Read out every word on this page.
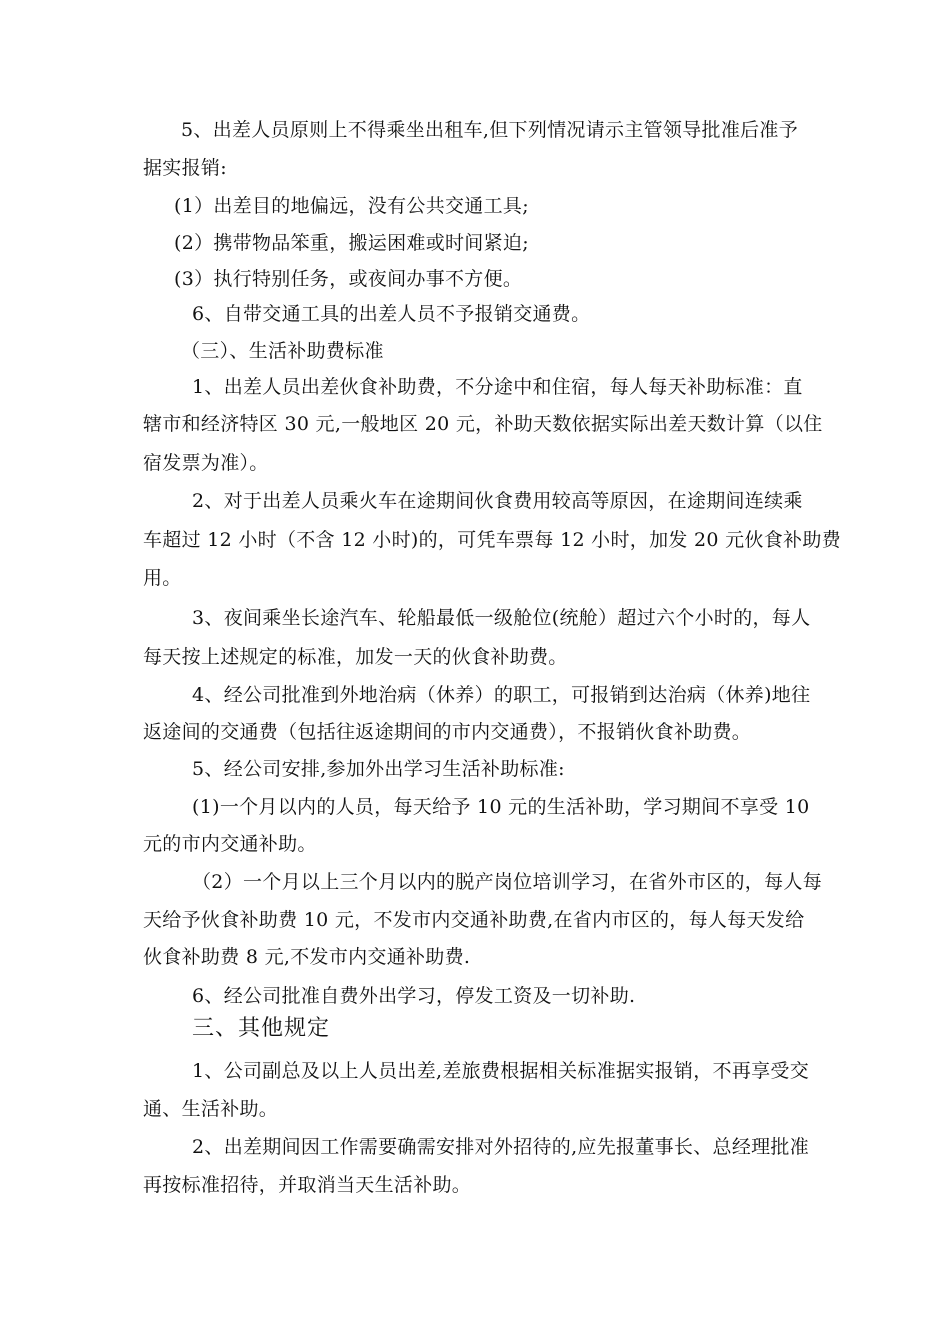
5、出差人员原则上不得乘坐出租车,但下列情况请示主管领导批准后准予
据实报销:
(1）出差目的地偏远，没有公共交通工具;
(2）携带物品笨重，搬运困难或时间紧迫;
(3）执行特别任务，或夜间办事不方便。
6、自带交通工具的出差人员不予报销交通费。
（三）、生活补助费标准
1、出差人员出差伙食补助费，不分途中和住宿，每人每天补助标准：直
辖市和经济特区 30 元,一般地区 20 元，补助天数依据实际出差天数计算（以住
宿发票为准）。
2、对于出差人员乘火车在途期间伙食费用较高等原因，在途期间连续乘
车超过 12 小时（不含 12 小时)的，可凭车票每 12 小时，加发 20 元伙食补助费
用。
3、夜间乘坐长途汽车、轮船最低一级舱位(统舱）超过六个小时的，每人
每天按上述规定的标准，加发一天的伙食补助费。
4、经公司批准到外地治病（休养）的职工，可报销到达治病（休养)地往
返途间的交通费（包括往返途期间的市内交通费），不报销伙食补助费。
5、经公司安排,参加外出学习生活补助标准:
(1)一个月以内的人员，每天给予 10 元的生活补助，学习期间不享受 10
元的市内交通补助。
（2）一个月以上三个月以内的脱产岗位培训学习，在省外市区的，每人每
天给予伙食补助费 10 元，不发市内交通补助费,在省内市区的，每人每天发给
伙食补助费 8 元,不发市内交通补助费.
6、经公司批准自费外出学习，停发工资及一切补助.
三、其他规定
1、公司副总及以上人员出差,差旅费根据相关标准据实报销，不再享受交
通、生活补助。
2、出差期间因工作需要确需安排对外招待的,应先报董事长、总经理批准
再按标准招待，并取消当天生活补助。
